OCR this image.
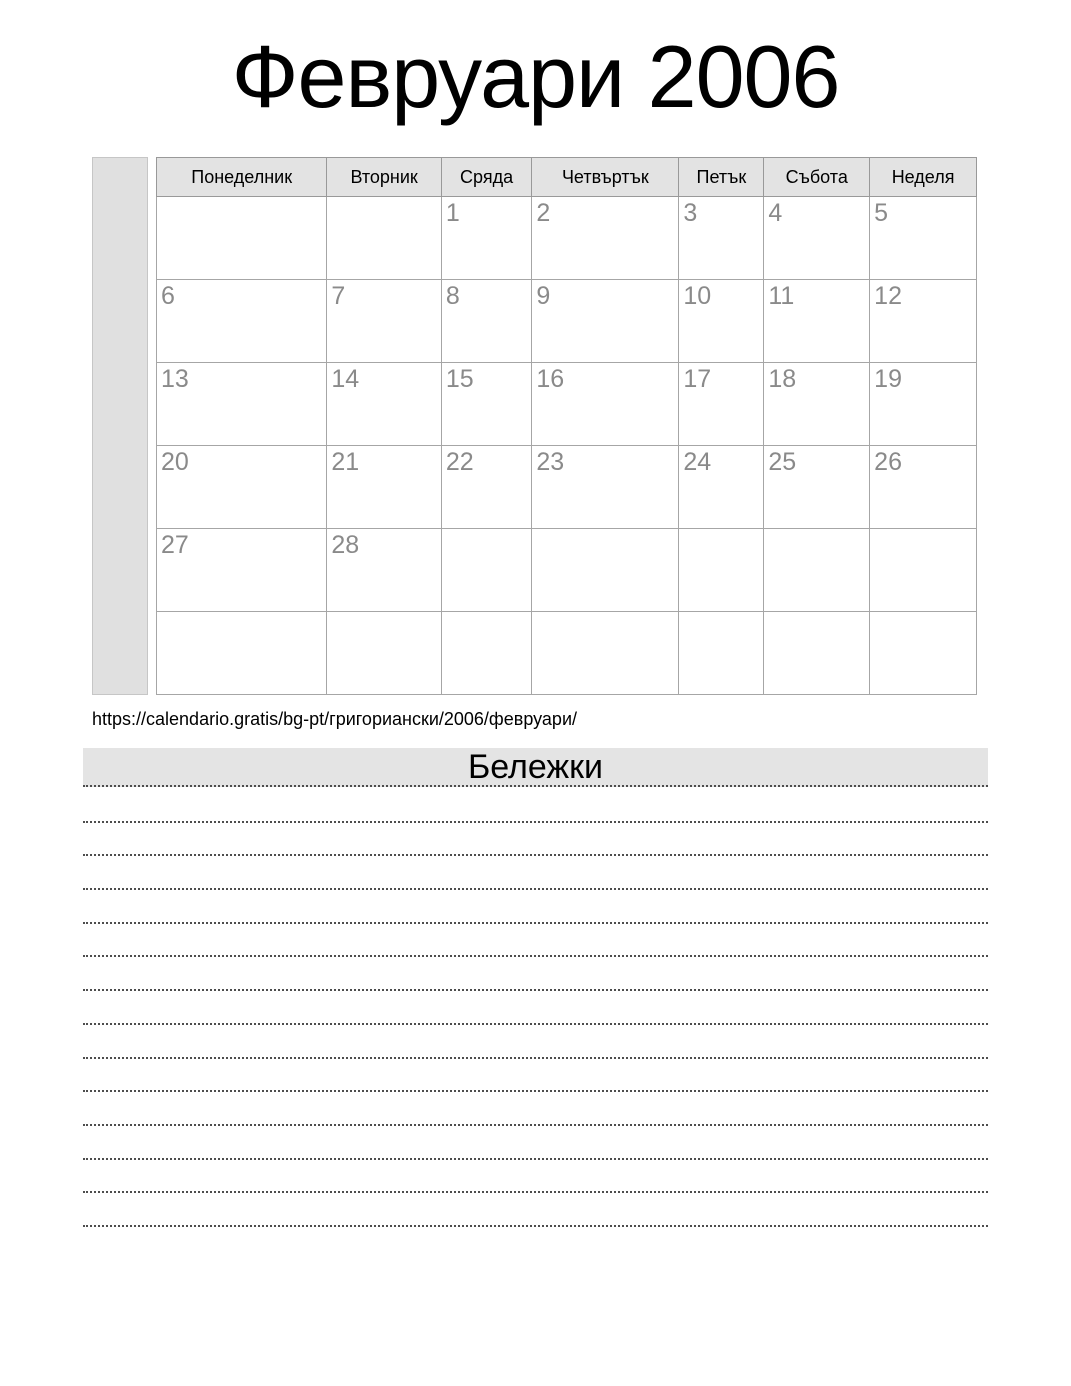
Февруари 2006
Понеделник	Вторник	Сряда	Четвъртък	Петък	Събота	Неделя
		1	2	3	4	5
6	7	8	9	10	11	12
13	14	15	16	17	18	19
20	21	22	23	24	25	26
27	28					

https://calendario.gratis/bg-pt/григориански/2006/февруари/
Бележки
